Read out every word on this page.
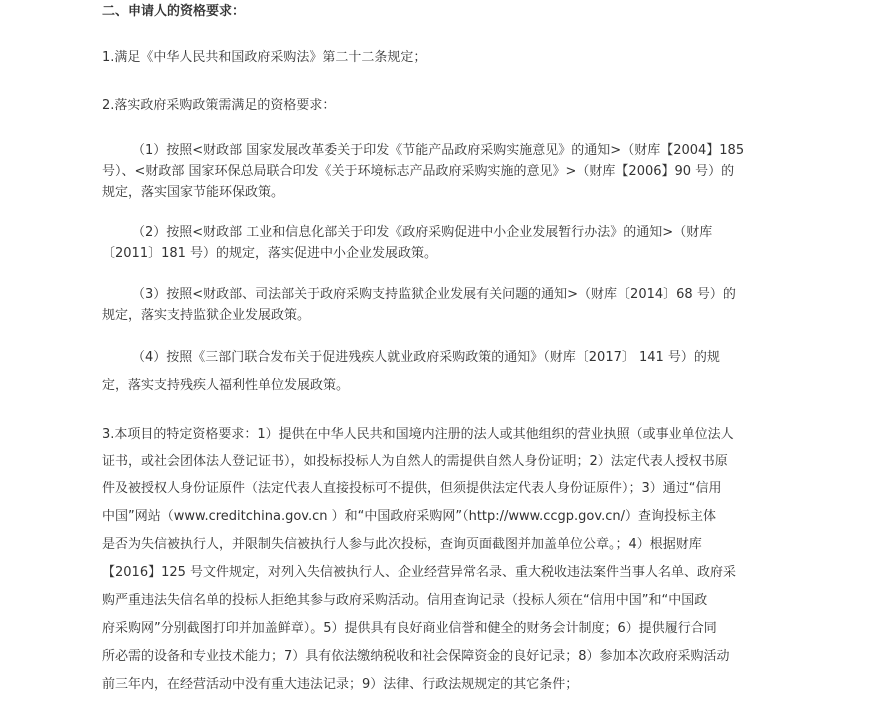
二、申请人的资格要求：

1.满足《中华人民共和国政府采购法》第二十二条规定；

2.落实政府采购政策需满足的资格要求：

（1）按照<财政部 国家发展改革委关于印发《节能产品政府采购实施意见》的通知>（财库【2004】185

号）、<财政部 国家环保总局联合印发《关于环境标志产品政府采购实施的意见》>（财库【2006】90 号）的

规定，落实国家节能环保政策。

（2）按照<财政部 工业和信息化部关于印发《政府采购促进中小企业发展暂行办法》的通知>（财库

〔2011〕181 号）的规定，落实促进中小企业发展政策。

（3）按照<财政部、司法部关于政府采购支持监狱企业发展有关问题的通知>（财库〔2014〕68 号）的

规定，落实支持监狱企业发展政策。

（4）按照《三部门联合发布关于促进残疾人就业政府采购政策的通知》（财库〔2017〕 141 号）的规

定，落实支持残疾人福利性单位发展政策。

3.本项目的特定资格要求：1）提供在中华人民共和国境内注册的法人或其他组织的营业执照（或事业单位法人

证书，或社会团体法人登记证书），如投标投标人为自然人的需提供自然人身份证明；2）法定代表人授权书原

件及被授权人身份证原件（法定代表人直接投标可不提供，但须提供法定代表人身份证原件）；3）通过“信用

中国”网站（www.creditchina.gov.cn ）和“中国政府采购网”（http://www.ccgp.gov.cn/）查询投标主体

是否为失信被执行人，并限制失信被执行人参与此次投标，查询页面截图并加盖单位公章。；4）根据财库

【2016】125 号文件规定，对列入失信被执行人、企业经营异常名录、重大税收违法案件当事人名单、政府采

购严重违法失信名单的投标人拒绝其参与政府采购活动。信用查询记录（投标人须在“信用中国”和“中国政

府采购网”分别截图打印并加盖鲜章）。5）提供具有良好商业信誉和健全的财务会计制度；6）提供履行合同

所必需的设备和专业技术能力；7）具有依法缴纳税收和社会保障资金的良好记录；8）参加本次政府采购活动

前三年内，在经营活动中没有重大违法记录；9）法律、行政法规规定的其它条件；
